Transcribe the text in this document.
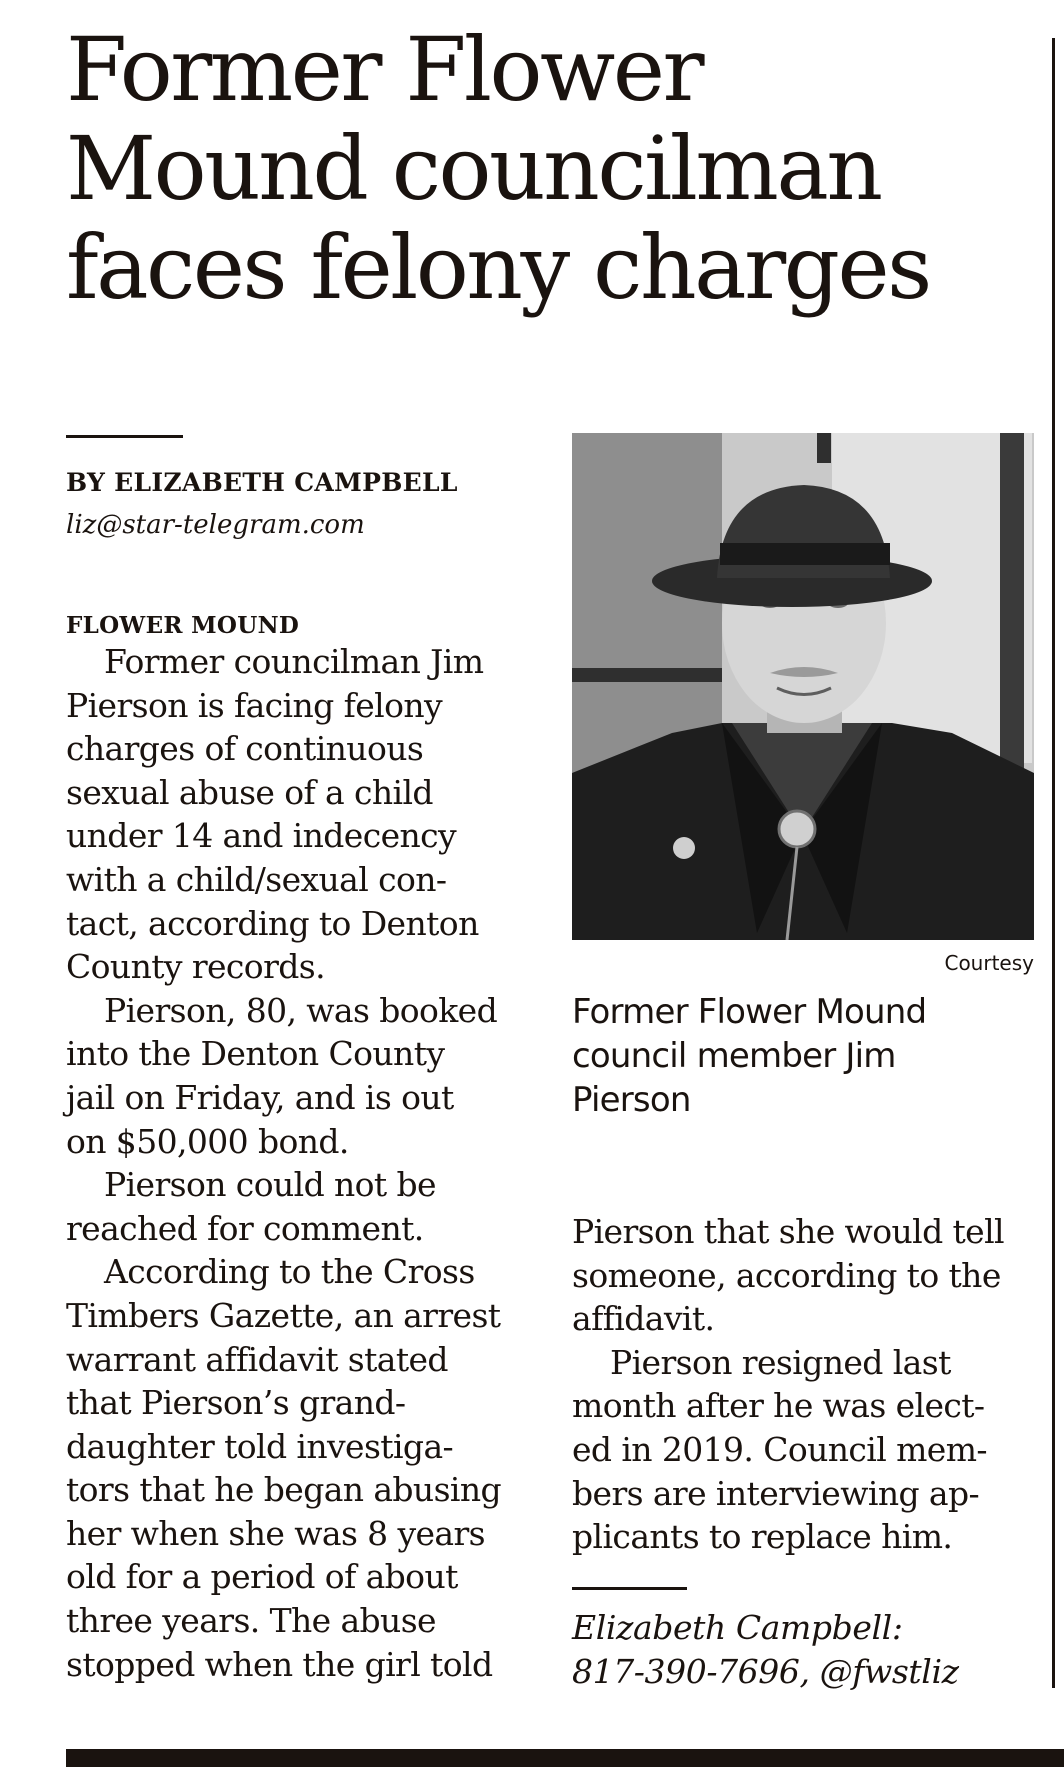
Former Flower
Mound councilman
faces felony charges
BY ELIZABETH CAMPBELL
liz@star-telegram.com
FLOWER MOUND
Former councilman Jim
Pierson is facing felony
charges of continuous
sexual abuse of a child
under 14 and indecency
with a child/sexual con-
tact, according to Denton
County records.
Pierson, 80, was booked
into the Denton County
jail on Friday, and is out
on $50,000 bond.
Pierson could not be
reached for comment.
According to the Cross
Timbers Gazette, an arrest
warrant affidavit stated
that Pierson’s grand-
daughter told investiga-
tors that he began abusing
her when she was 8 years
old for a period of about
three years. The abuse
stopped when the girl told
Courtesy
Former Flower Mound
council member Jim
Pierson
Pierson that she would tell
someone, according to the
affidavit.
Pierson resigned last
month after he was elect-
ed in 2019. Council mem-
bers are interviewing ap-
plicants to replace him.
Elizabeth Campbell:
817-390-7696, @fwstliz
